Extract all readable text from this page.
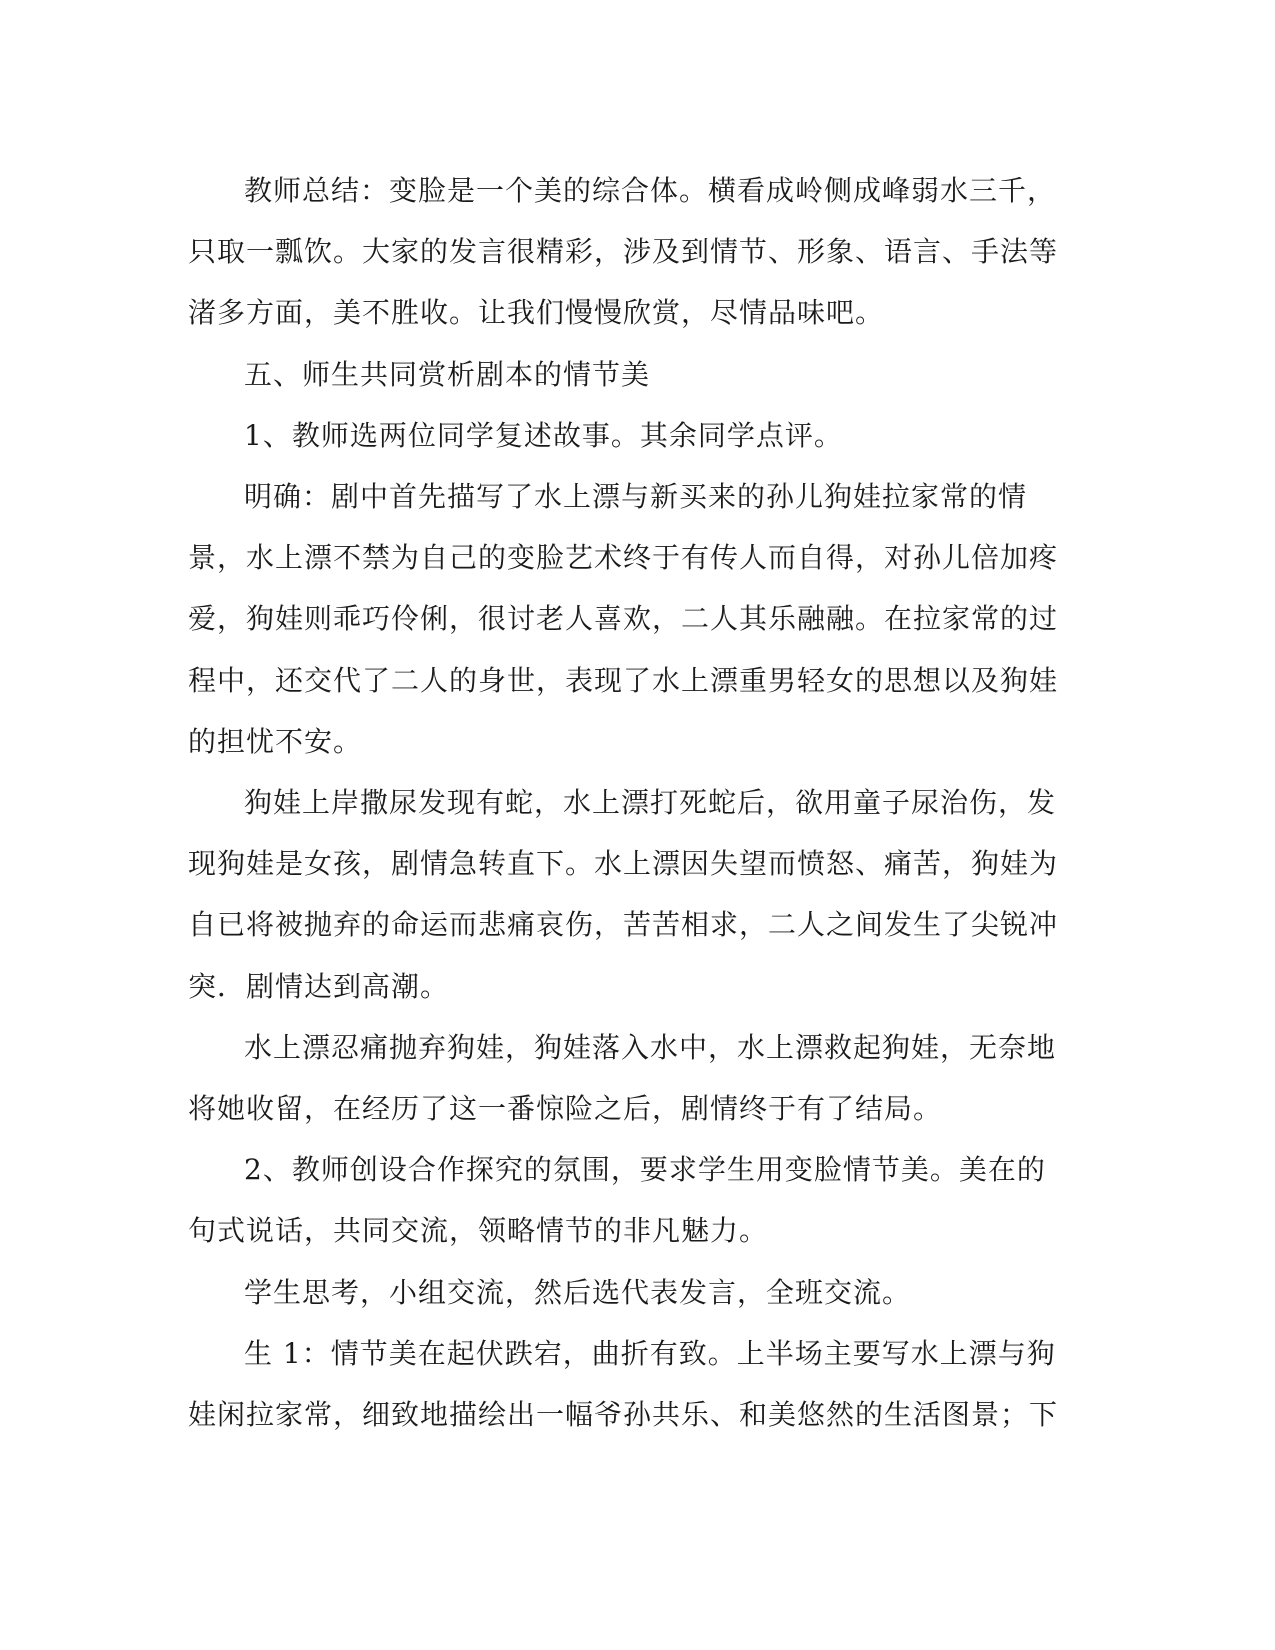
教师总结：变脸是一个美的综合体。横看成岭侧成峰弱水三千，只取一瓢饮。大家的发言很精彩，涉及到情节、形象、语言、手法等渚多方面，美不胜收。让我们慢慢欣赏，尽情品味吧。

五、师生共同赏析剧本的情节美

1、教师选两位同学复述故事。其余同学点评。

明确：剧中首先描写了水上漂与新买来的孙儿狗娃拉家常的情景，水上漂不禁为自己的变脸艺术终于有传人而自得，对孙儿倍加疼爱，狗娃则乖巧伶俐，很讨老人喜欢，二人其乐融融。在拉家常的过程中，还交代了二人的身世，表现了水上漂重男轻女的思想以及狗娃的担忧不安。

狗娃上岸撒尿发现有蛇，水上漂打死蛇后，欲用童子尿治伤，发现狗娃是女孩，剧情急转直下。水上漂因失望而愤怒、痛苦，狗娃为自已将被抛弃的命运而悲痛哀伤，苦苦相求，二人之间发生了尖锐冲突．剧情达到高潮。

水上漂忍痛抛弃狗娃，狗娃落入水中，水上漂救起狗娃，无奈地将她收留，在经历了这一番惊险之后，剧情终于有了结局。

2、教师创设合作探究的氛围，要求学生用变脸情节美。美在的句式说话，共同交流，领略情节的非凡魅力。

学生思考，小组交流，然后选代表发言，全班交流。

生 1：情节美在起伏跌宕，曲折有致。上半场主要写水上漂与狗娃闲拉家常，细致地描绘出一幅爷孙共乐、和美悠然的生活图景；下
